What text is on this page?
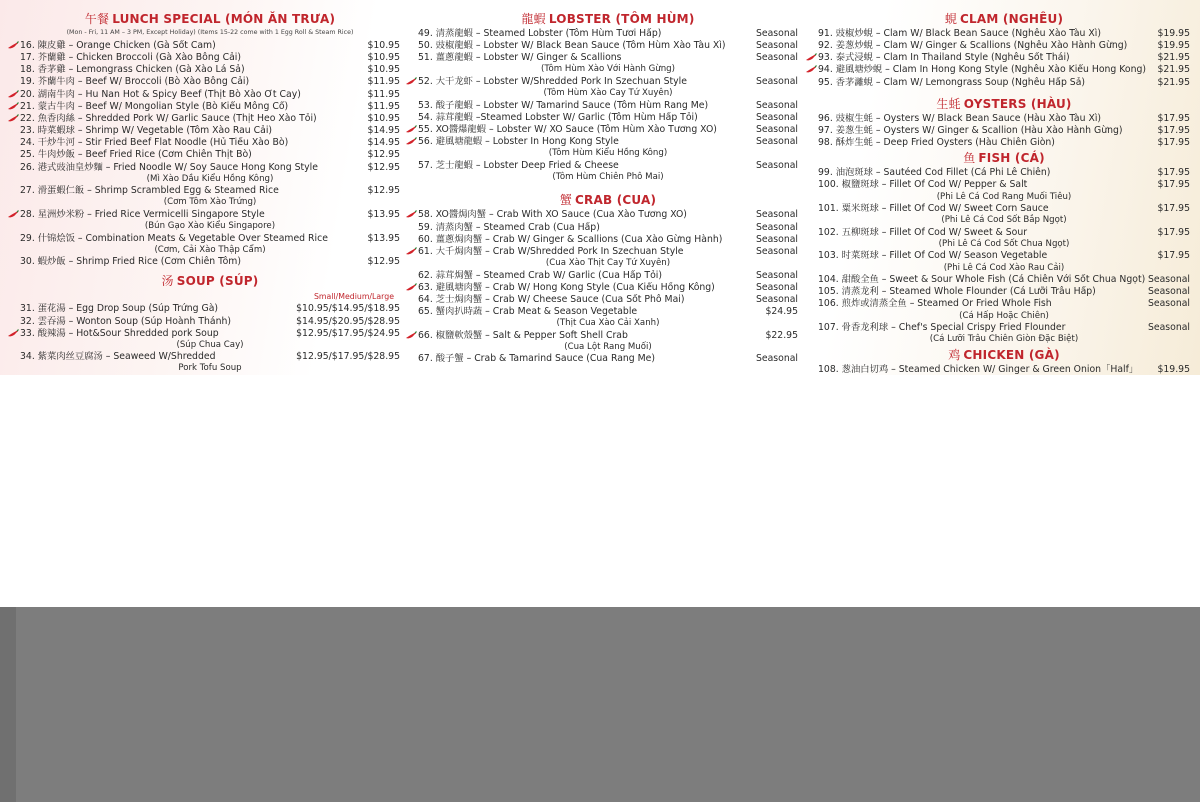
午餐 LUNCH SPECIAL (MÓN ĂN TRƯA)
(Mon - Fri, 11 AM – 3 PM, Except Holiday) (Items 15-22 come with 1 Egg Roll & Steam Rice)
16. 陳皮雞 – Orange Chicken (Gà Sốt Cam)	$10.95
17. 芥蘭雞 – Chicken Broccoli (Gà Xào Bông Cải)	$10.95
18. 香茅雞 – Lemongrass Chicken (Gà Xào Lá Sả)	$10.95
19. 芥蘭牛肉 – Beef W/ Broccoli (Bò Xào Bông Cải)	$11.95
20. 湖南牛肉 – Hu Nan Hot & Spicy Beef (Thịt Bò Xào Ớt Cay)	$11.95
21. 蒙古牛肉 – Beef W/ Mongolian Style (Bò Kiểu Mông Cổ)	$11.95
22. 魚香肉絲 – Shredded Pork W/ Garlic Sauce (Thịt Heo Xào Tỏi)	$10.95
23. 時菜蝦球 – Shrimp W/ Vegetable (Tôm Xào Rau Cải)	$14.95
24. 干炒牛河 – Stir Fried Beef Flat Noodle (Hủ Tiếu Xào Bò)	$14.95
25. 牛肉炒飯 – Beef Fried Rice (Cơm Chiên Thịt Bò)	$12.95
26. 港式豉油皇炒麵 – Fried Noodle W/ Soy Sauce Hong Kong Style	$12.95
(Mì Xào Dầu Kiểu Hồng Kông)
27. 滑蛋蝦仁飯 – Shrimp Scrambled Egg & Steamed Rice	$12.95
(Cơm Tôm Xào Trứng)
28. 星洲炒米粉 – Fried Rice Vermicelli Singapore Style	$13.95
(Bún Gạo Xào Kiểu Singapore)
29. 什锦烩饭 – Combination Meats & Vegetable Over Steamed Rice	$13.95
(Cơm, Cải Xào Thập Cẩm)
30. 蝦炒飯 – Shrimp Fried Rice (Cơm Chiên Tôm)	$12.95
汤 SOUP (SÚP)
Small/Medium/Large
31. 蛋花湯 – Egg Drop Soup (Súp Trứng Gà)	$10.95/$14.95/$18.95
32. 雲吞湯 – Wonton Soup (Súp Hoành Thánh)	$14.95/$20.95/$28.95
33. 酸辣湯 – Hot&Sour Shredded pork Soup	$12.95/$17.95/$24.95
(Súp Chua Cay)
34. 紫菜肉丝豆腐汤 – Seaweed W/Shredded	$12.95/$17.95/$28.95
Pork Tofu Soup
龍蝦 LOBSTER (TÔM HÙM)
49. 清蒸龍蝦 – Steamed Lobster (Tôm Hùm Tươi Hấp)	Seasonal
50. 豉椒龍蝦 – Lobster W/ Black Bean Sauce (Tôm Hùm Xào Tàu Xì)	Seasonal
51. 薑蔥龍蝦 – Lobster W/ Ginger & Scallions	Seasonal
(Tôm Hùm Xào Với Hành Gừng)
52. 大干龙虾 – Lobster W/Shredded Pork In Szechuan Style	Seasonal
(Tôm Hùm Xào Cay Tứ Xuyên)
53. 酸子龍蝦 – Lobster W/ Tamarind Sauce (Tôm Hùm Rang Me)	Seasonal
54. 蒜茸龍蝦 –Steamed Lobster W/ Garlic (Tôm Hùm Hấp Tỏi)	Seasonal
55. XO醬爆龍蝦 – Lobster W/ XO Sauce (Tôm Hùm Xào Tương XO)	Seasonal
56. 避風塘龍蝦 – Lobster In Hong Kong Style	Seasonal
(Tôm Hùm Kiểu Hồng Kông)
57. 芝士龍蝦 – Lobster Deep Fried & Cheese	Seasonal
(Tôm Hùm Chiên Phô Mai)
蟹 CRAB (CUA)
58. XO醬焗肉蟹 – Crab With XO Sauce (Cua Xào Tương XO)	Seasonal
59. 清蒸肉蟹 – Steamed Crab (Cua Hấp)	Seasonal
60. 薑蔥焗肉蟹 – Crab W/ Ginger & Scallions (Cua Xào Gừng Hành)	Seasonal
61. 大千焗肉蟹 – Crab W/Shredded Pork In Szechuan Style	Seasonal
(Cua Xào Thịt Cay Tứ Xuyên)
62. 蒜茸焗蟹 – Steamed Crab W/ Garlic (Cua Hấp Tỏi)	Seasonal
63. 避風塘肉蟹 – Crab W/ Hong Kong Style (Cua Kiểu Hồng Kông)	Seasonal
64. 芝士焗肉蟹 – Crab W/ Cheese Sauce (Cua Sốt Phô Mai)	Seasonal
65. 蟹肉扒時蔬 – Crab Meat & Season Vegetable	$24.95
(Thịt Cua Xào Cải Xanh)
66. 椒鹽軟殼蟹 – Salt & Pepper Soft Shell Crab	$22.95
(Cua Lột Rang Muối)
67. 酸子蟹 – Crab & Tamarind Sauce (Cua Rang Me)	Seasonal
蜆 CLAM (NGHÊU)
91. 豉椒炒蜆 – Clam W/ Black Bean Sauce (Nghêu Xào Tàu Xì)	$19.95
92. 姜葱炒蜆 – Clam W/ Ginger & Scallions (Nghêu Xào Hành Gừng)	$19.95
93. 泰式浸蜆 – Clam In Thailand Style (Nghêu Sốt Thái)	$21.95
94. 避風塘炒蜆 – Clam In Hong Kong Style (Nghêu Xào Kiểu Hong Kong)	$21.95
95. 香茅灕蜆 – Clam W/ Lemongrass Soup (Nghêu Hấp Sả)	$21.95
生蚝 OYSTERS (HÀU)
96. 豉椒生蚝 – Oysters W/ Black Bean Sauce (Hàu Xào Tàu Xì)	$17.95
97. 姜葱生蚝 – Oysters W/ Ginger & Scallion (Hàu Xào Hành Gừng)	$17.95
98. 酥炸生蚝 – Deep Fried Oysters (Hàu Chiên Giòn)	$17.95
鱼 FISH (CÁ)
99. 油泡斑球 – Sautéed Cod Fillet (Cá Phi Lê Chiên)	$17.95
100. 椒鹽斑球 – Fillet Of Cod W/ Pepper & Salt	$17.95
(Phi Lê Cá Cod Rang Muối Tiêu)
101. 粟米斑球 – Fillet Of Cod W/ Sweet Corn Sauce	$17.95
(Phi Lê Cá Cod Sốt Bắp Ngọt)
102. 五柳斑球 – Fillet Of Cod W/ Sweet & Sour	$17.95
(Phi Lê Cá Cod Sốt Chua Ngọt)
103. 时菜斑球 – Fillet Of Cod W/ Season Vegetable	$17.95
(Phi Lê Cá Cod Xào Rau Cải)
104. 甜酸全鱼 – Sweet & Sour Whole Fish (Cá Chiên Với Sốt Chua Ngọt) Seasonal
105. 清蒸龙利 – Steamed Whole Flounder (Cá Lưỡi Trâu Hấp)	Seasonal
106. 煎炸或清蒸全鱼 – Steamed Or Fried Whole Fish	Seasonal
(Cá Hấp Hoặc Chiên)
107. 骨香龙利球 – Chef's Special Crispy Fried Flounder	Seasonal
(Cá Lưỡi Trâu Chiên Giòn Đặc Biệt)
鸡 CHICKEN (GÀ)
108. 葱油白切鸡 – Steamed Chicken W/ Ginger & Green Onion「Half」	$19.95
